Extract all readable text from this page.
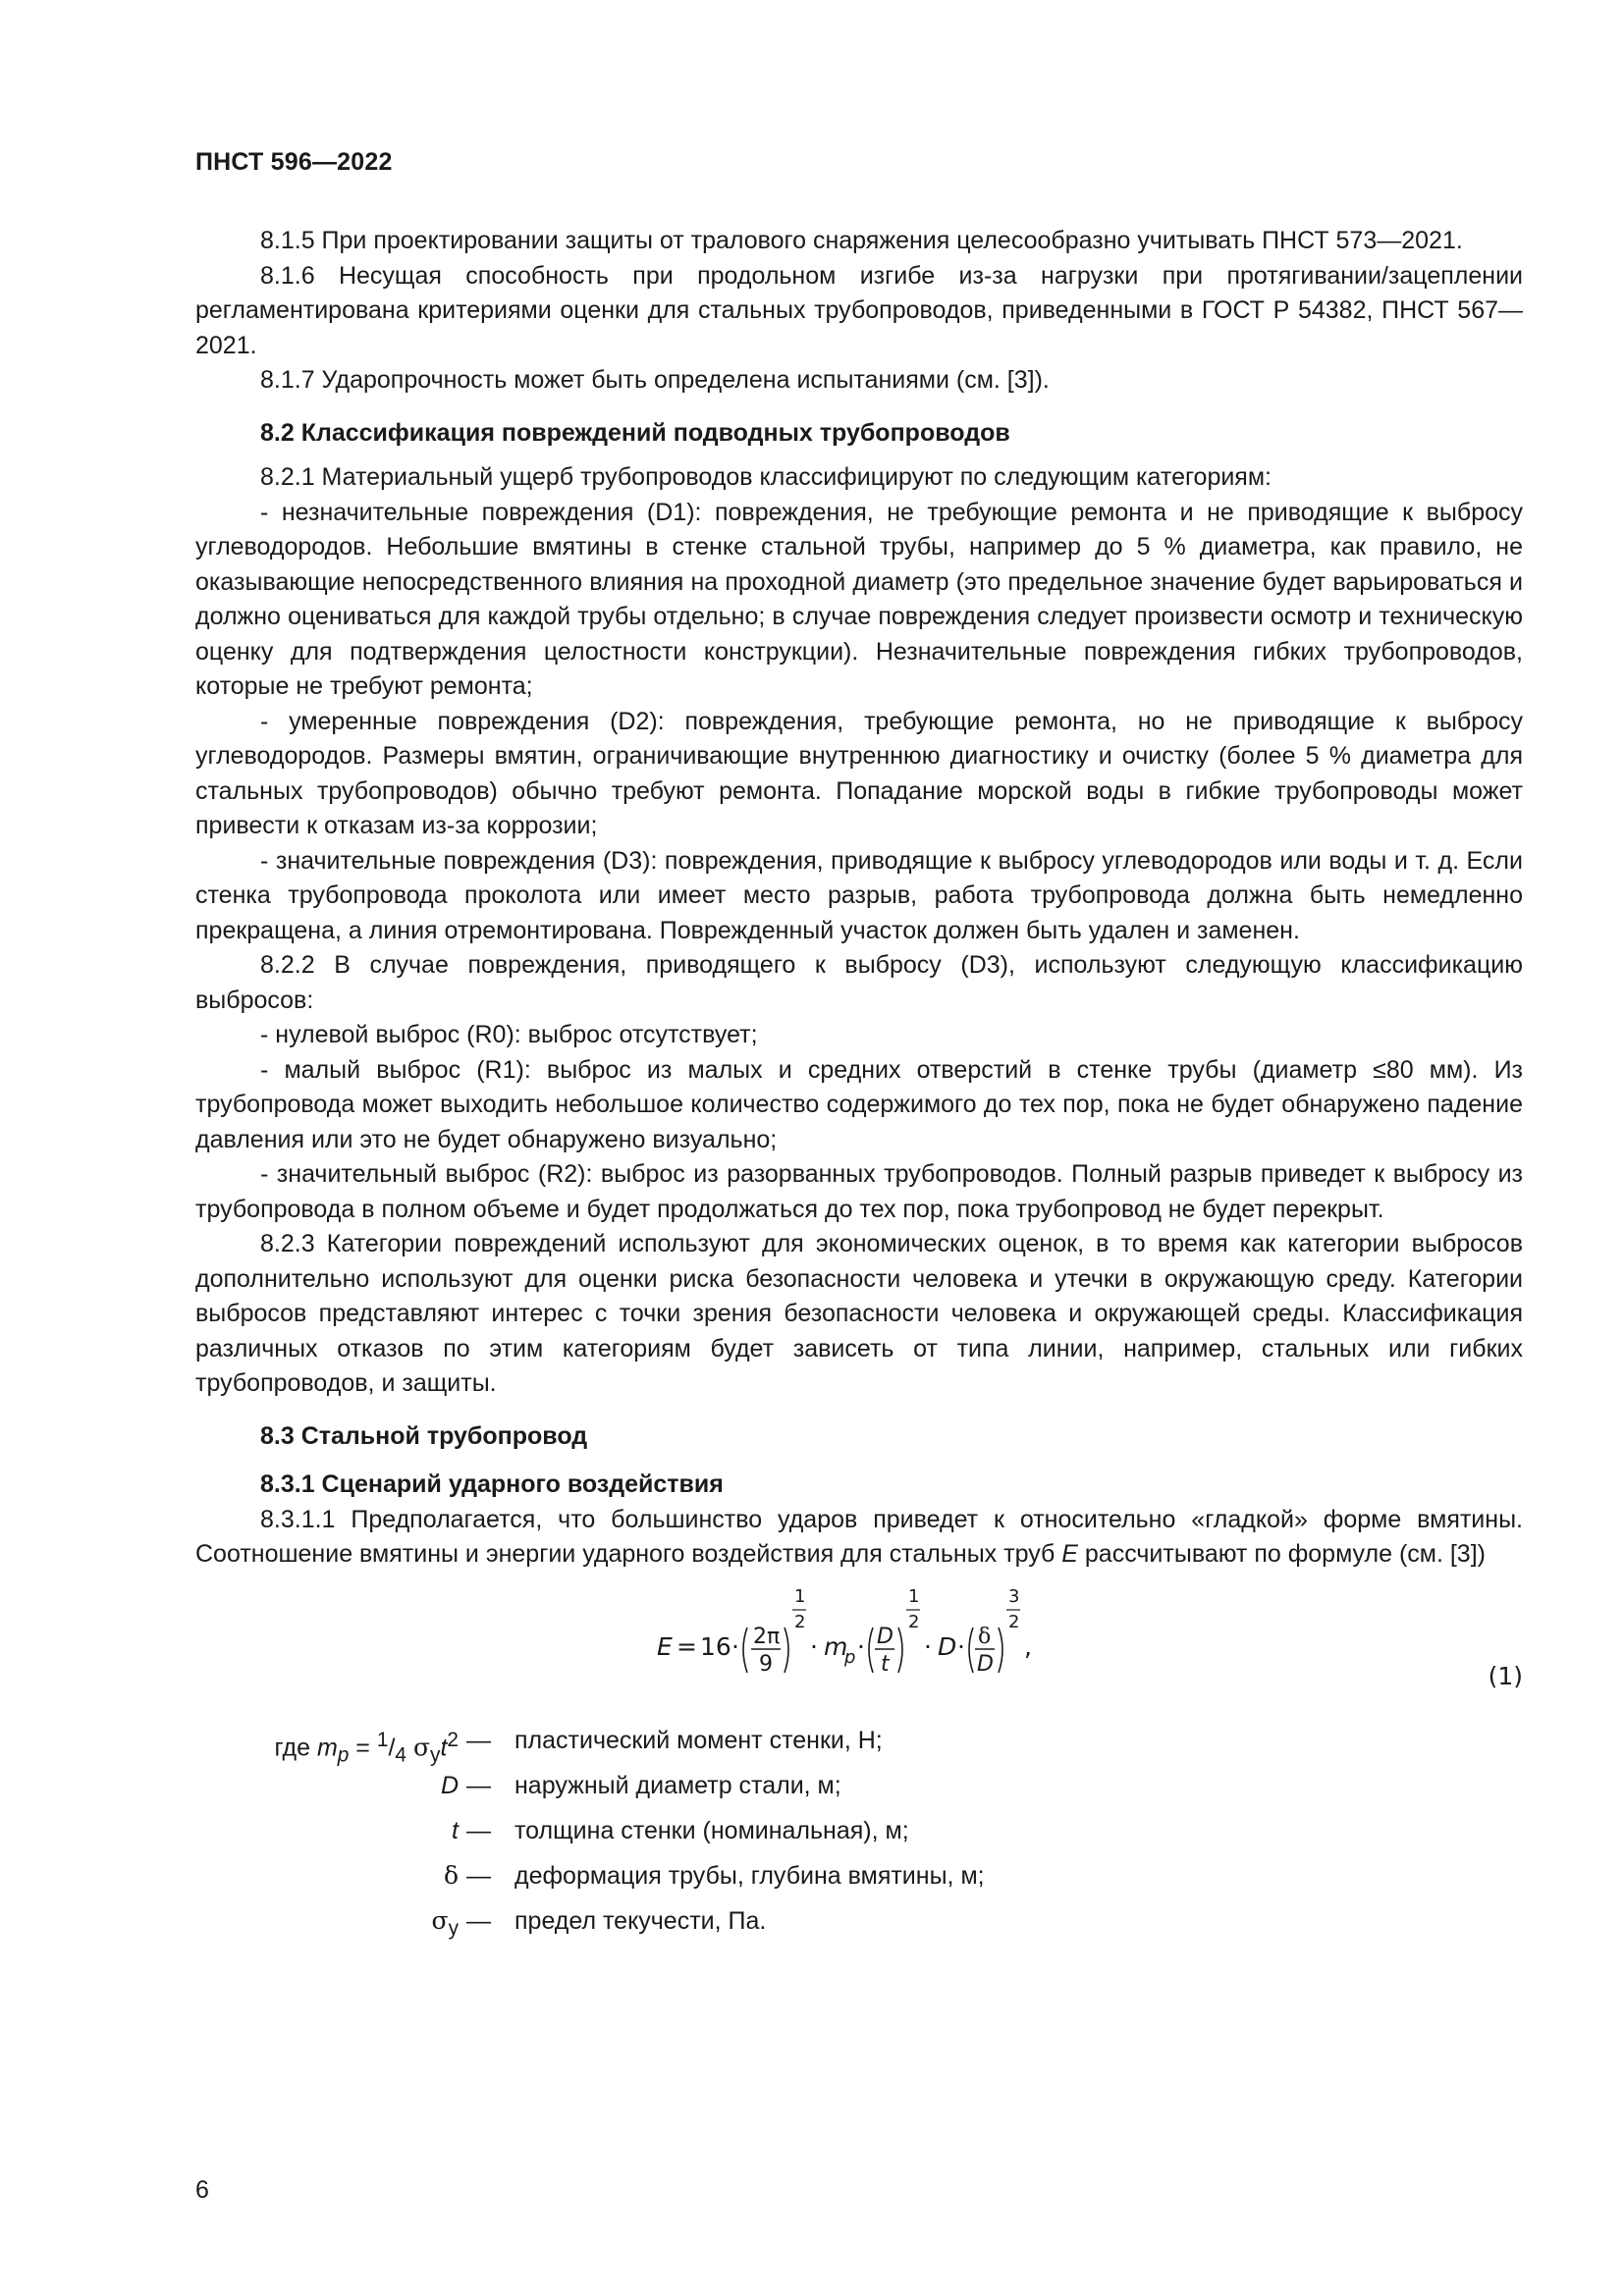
ПНСТ 596—2022

8.1.5 При проектировании защиты от тралового снаряжения целесообразно учитывать ПНСТ 573—2021.

8.1.6 Несущая способность при продольном изгибе из-за нагрузки при протягивании/зацеплении регламентирована критериями оценки для стальных трубопроводов, приведенными в ГОСТ Р 54382, ПНСТ 567—2021.

8.1.7 Ударопрочность может быть определена испытаниями (см. [3]).

8.2 Классификация повреждений подводных трубопроводов

8.2.1 Материальный ущерб трубопроводов классифицируют по следующим категориям:

- незначительные повреждения (D1): повреждения, не требующие ремонта и не приводящие к выбросу углеводородов. Небольшие вмятины в стенке стальной трубы, например до 5 % диаметра, как правило, не оказывающие непосредственного влияния на проходной диаметр (это предельное значение будет варьироваться и должно оцениваться для каждой трубы отдельно; в случае повреждения следует произвести осмотр и техническую оценку для подтверждения целостности конструкции). Незначительные повреждения гибких трубопроводов, которые не требуют ремонта;

- умеренные повреждения (D2): повреждения, требующие ремонта, но не приводящие к выбросу углеводородов. Размеры вмятин, ограничивающие внутреннюю диагностику и очистку (более 5 % диаметра для стальных трубопроводов) обычно требуют ремонта. Попадание морской воды в гибкие трубопроводы может привести к отказам из-за коррозии;

- значительные повреждения (D3): повреждения, приводящие к выбросу углеводородов или воды и т. д. Если стенка трубопровода проколота или имеет место разрыв, работа трубопровода должна быть немедленно прекращена, а линия отремонтирована. Поврежденный участок должен быть удален и заменен.

8.2.2 В случае повреждения, приводящего к выбросу (D3), используют следующую классификацию выбросов:

- нулевой выброс (R0): выброс отсутствует;

- малый выброс (R1): выброс из малых и средних отверстий в стенке трубы (диаметр ≤80 мм). Из трубопровода может выходить небольшое количество содержимого до тех пор, пока не будет обнаружено падение давления или это не будет обнаружено визуально;

- значительный выброс (R2): выброс из разорванных трубопроводов. Полный разрыв приведет к выбросу из трубопровода в полном объеме и будет продолжаться до тех пор, пока трубопровод не будет перекрыт.

8.2.3 Категории повреждений используют для экономических оценок, в то время как категории выбросов дополнительно используют для оценки риска безопасности человека и утечки в окружающую среду. Категории выбросов представляют интерес с точки зрения безопасности человека и окружающей среды. Классификация различных отказов по этим категориям будет зависеть от типа линии, например, стальных или гибких трубопроводов, и защиты.

8.3 Стальной трубопровод
8.3.1 Сценарий ударного воздействия

8.3.1.1 Предполагается, что большинство ударов приведет к относительно «гладкой» форме вмятины. Соотношение вмятины и энергии ударного воздействия для стальных труб E рассчитывают по формуле (см. [3])

E = 16 · 2π
9
1
2
· m
p · D
t
1
2
· D · δ
D
3
2
,
(1)
где $m_p = ^1/_4$ $\sigma_yt^2$ — пластический момент стенки, Н;
D — наружный диаметр стали, м;
t — толщина стенки (номинальная), м;
δ — деформация трубы, глубина вмятины, м;
$\sigma_y$ — предел текучести, Па.
6
